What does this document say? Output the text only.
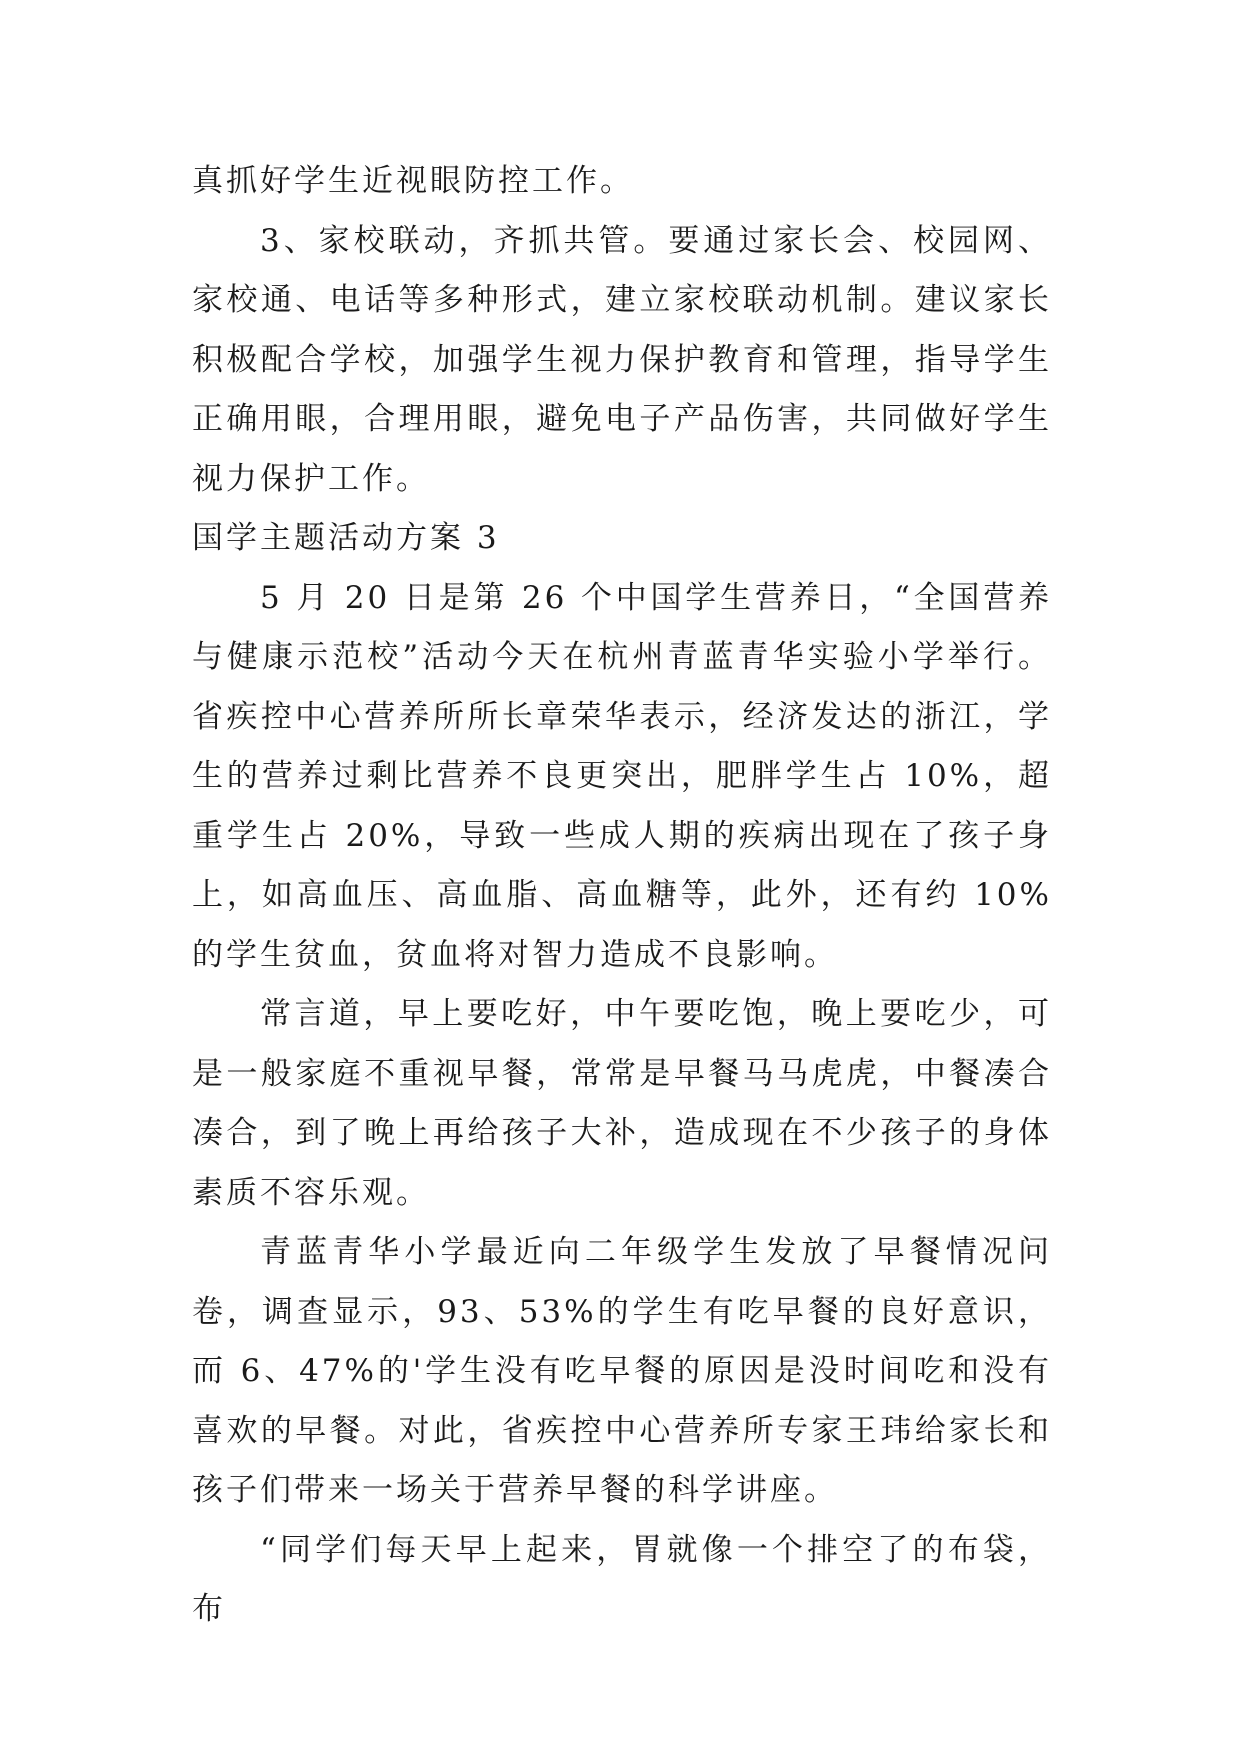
真抓好学生近视眼防控工作。

3、家校联动，齐抓共管。要通过家长会、校园网、家校通、电话等多种形式，建立家校联动机制。建议家长积极配合学校，加强学生视力保护教育和管理，指导学生正确用眼，合理用眼，避免电子产品伤害，共同做好学生视力保护工作。

国学主题活动方案 3

5 月 20 日是第 26 个中国学生营养日，“全国营养与健康示范校”活动今天在杭州青蓝青华实验小学举行。省疾控中心营养所所长章荣华表示，经济发达的浙江，学生的营养过剩比营养不良更突出，肥胖学生占 10%，超重学生占 20%，导致一些成人期的疾病出现在了孩子身上，如高血压、高血脂、高血糖等，此外，还有约 10%的学生贫血，贫血将对智力造成不良影响。

常言道，早上要吃好，中午要吃饱，晚上要吃少，可是一般家庭不重视早餐，常常是早餐马马虎虎，中餐凑合凑合，到了晚上再给孩子大补，造成现在不少孩子的身体素质不容乐观。

青蓝青华小学最近向二年级学生发放了早餐情况问卷，调查显示，93、53%的学生有吃早餐的良好意识，而 6、47%的'学生没有吃早餐的原因是没时间吃和没有喜欢的早餐。对此，省疾控中心营养所专家王玮给家长和孩子们带来一场关于营养早餐的科学讲座。

“同学们每天早上起来，胃就像一个排空了的布袋，布
